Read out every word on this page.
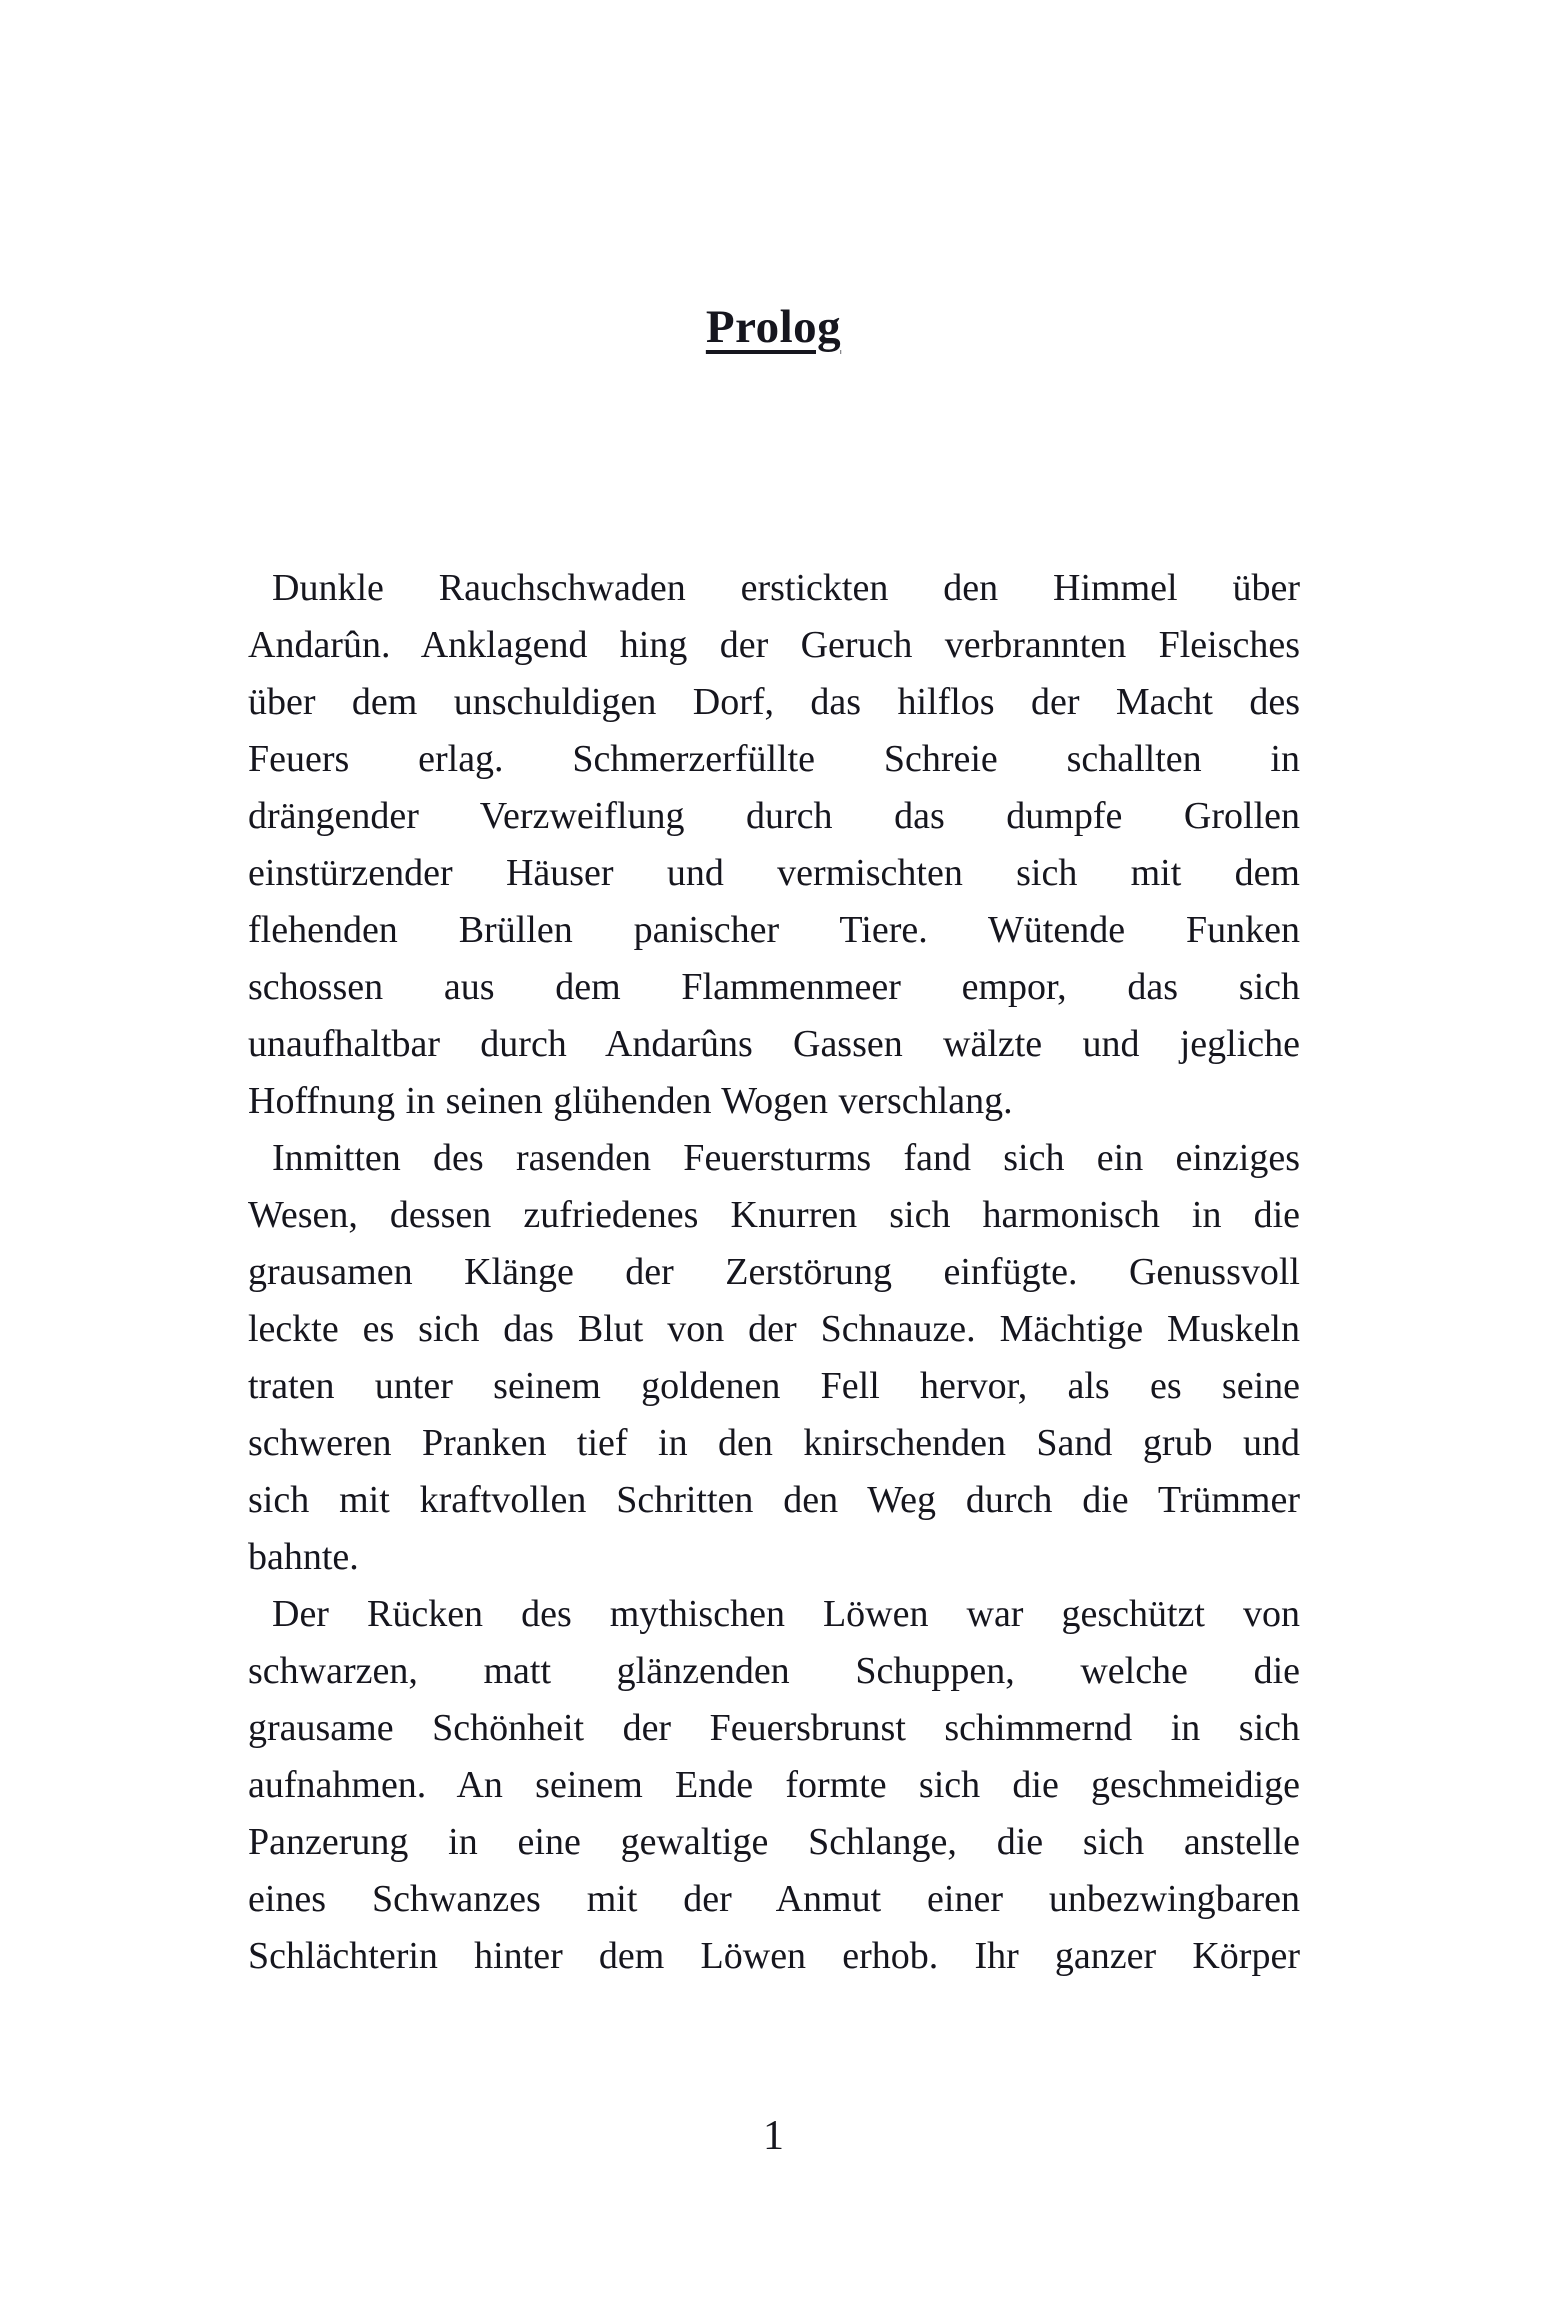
Prolog
Dunkle Rauchschwaden erstickten den Himmel über
Andarûn. Anklagend hing der Geruch verbrannten Fleisches
über dem unschuldigen Dorf, das hilflos der Macht des
Feuers erlag. Schmerzerfüllte Schreie schallten in
drängender Verzweiflung durch das dumpfe Grollen
einstürzender Häuser und vermischten sich mit dem
flehenden Brüllen panischer Tiere. Wütende Funken
schossen aus dem Flammenmeer empor, das sich
unaufhaltbar durch Andarûns Gassen wälzte und jegliche
Hoffnung in seinen glühenden Wogen verschlang.
Inmitten des rasenden Feuersturms fand sich ein einziges
Wesen, dessen zufriedenes Knurren sich harmonisch in die
grausamen Klänge der Zerstörung einfügte. Genussvoll
leckte es sich das Blut von der Schnauze. Mächtige Muskeln
traten unter seinem goldenen Fell hervor, als es seine
schweren Pranken tief in den knirschenden Sand grub und
sich mit kraftvollen Schritten den Weg durch die Trümmer
bahnte.
Der Rücken des mythischen Löwen war geschützt von
schwarzen, matt glänzenden Schuppen, welche die
grausame Schönheit der Feuersbrunst schimmernd in sich
aufnahmen. An seinem Ende formte sich die geschmeidige
Panzerung in eine gewaltige Schlange, die sich anstelle
eines Schwanzes mit der Anmut einer unbezwingbaren
Schlächterin hinter dem Löwen erhob. Ihr ganzer Körper
1
